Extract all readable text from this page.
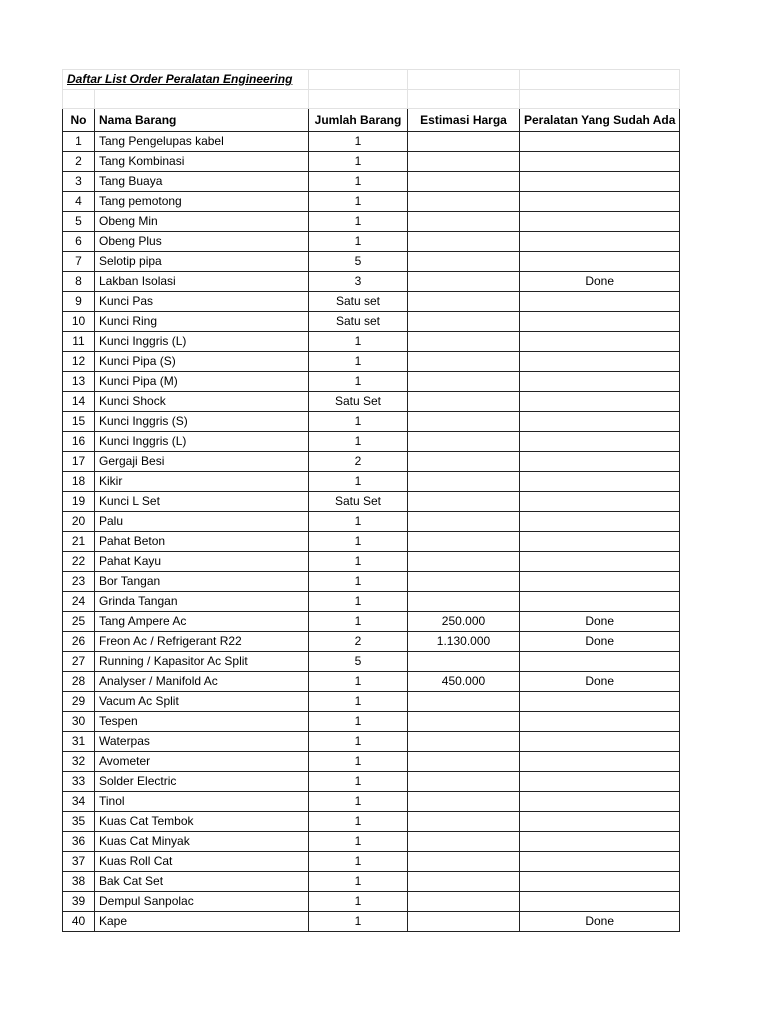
Daftar List Order Peralatan Engineering				

No	Nama Barang	Jumlah Barang	Estimasi Harga	Peralatan Yang Sudah Ada
1	Tang Pengelupas kabel	1		
2	Tang Kombinasi	1		
3	Tang Buaya	1		
4	Tang pemotong	1		
5	Obeng Min	1		
6	Obeng Plus	1		
7	Selotip pipa	5		
8	Lakban Isolasi	3		Done
9	Kunci Pas	Satu set		
10	Kunci Ring	Satu set		
11	Kunci Inggris (L)	1		
12	Kunci Pipa (S)	1		
13	Kunci Pipa (M)	1		
14	Kunci Shock	Satu Set		
15	Kunci Inggris (S)	1		
16	Kunci Inggris (L)	1		
17	Gergaji Besi	2		
18	Kikir	1		
19	Kunci L Set	Satu Set		
20	Palu	1		
21	Pahat Beton	1		
22	Pahat Kayu	1		
23	Bor Tangan	1		
24	Grinda Tangan	1		
25	Tang Ampere Ac	1	250.000	Done
26	Freon Ac / Refrigerant R22	2	1.130.000	Done
27	Running / Kapasitor Ac Split	5		
28	Analyser / Manifold Ac	1	450.000	Done
29	Vacum Ac Split	1		
30	Tespen	1		
31	Waterpas	1		
32	Avometer	1		
33	Solder Electric	1		
34	Tinol	1		
35	Kuas Cat Tembok	1		
36	Kuas Cat Minyak	1		
37	Kuas Roll Cat	1		
38	Bak Cat Set	1		
39	Dempul Sanpolac	1		
40	Kape	1		Done
